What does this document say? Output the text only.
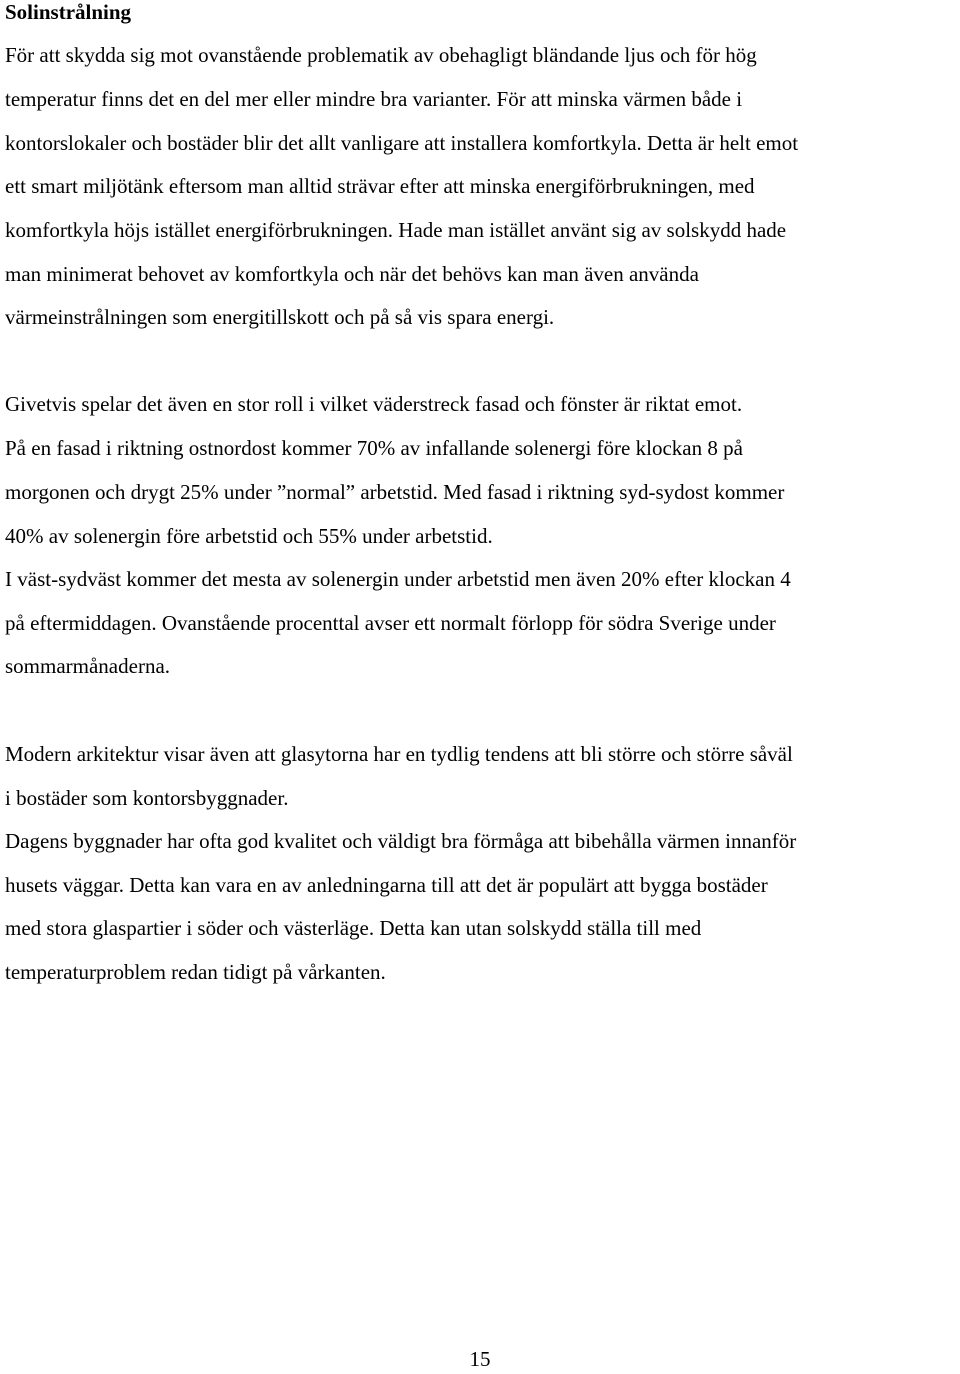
Solinstrålning

För att skydda sig mot ovanstående problematik av obehagligt bländande ljus och för hög

temperatur finns det en del mer eller mindre bra varianter. För att minska värmen både i

kontorslokaler och bostäder blir det allt vanligare att installera komfortkyla. Detta är helt emot

ett smart miljötänk eftersom man alltid strävar efter att minska energiförbrukningen, med

komfortkyla höjs istället energiförbrukningen. Hade man istället använt sig av solskydd hade

man minimerat behovet av komfortkyla och när det behövs kan man även använda

värmeinstrålningen som energitillskott och på så vis spara energi.

Givetvis spelar det även en stor roll i vilket väderstreck fasad och fönster är riktat emot.

På en fasad i riktning ostnordost kommer 70% av infallande solenergi före klockan 8 på

morgonen och drygt 25% under ”normal” arbetstid. Med fasad i riktning syd-sydost kommer

40% av solenergin före arbetstid och 55% under arbetstid.

I väst-sydväst kommer det mesta av solenergin under arbetstid men även 20% efter klockan 4

på eftermiddagen. Ovanstående procenttal avser ett normalt förlopp för södra Sverige under

sommarmånaderna.

Modern arkitektur visar även att glasytorna har en tydlig tendens att bli större och större såväl

i bostäder som kontorsbyggnader.

Dagens byggnader har ofta god kvalitet och väldigt bra förmåga att bibehålla värmen innanför

husets väggar. Detta kan vara en av anledningarna till att det är populärt att bygga bostäder

med stora glaspartier i söder och västerläge. Detta kan utan solskydd ställa till med

temperaturproblem redan tidigt på vårkanten.

15
